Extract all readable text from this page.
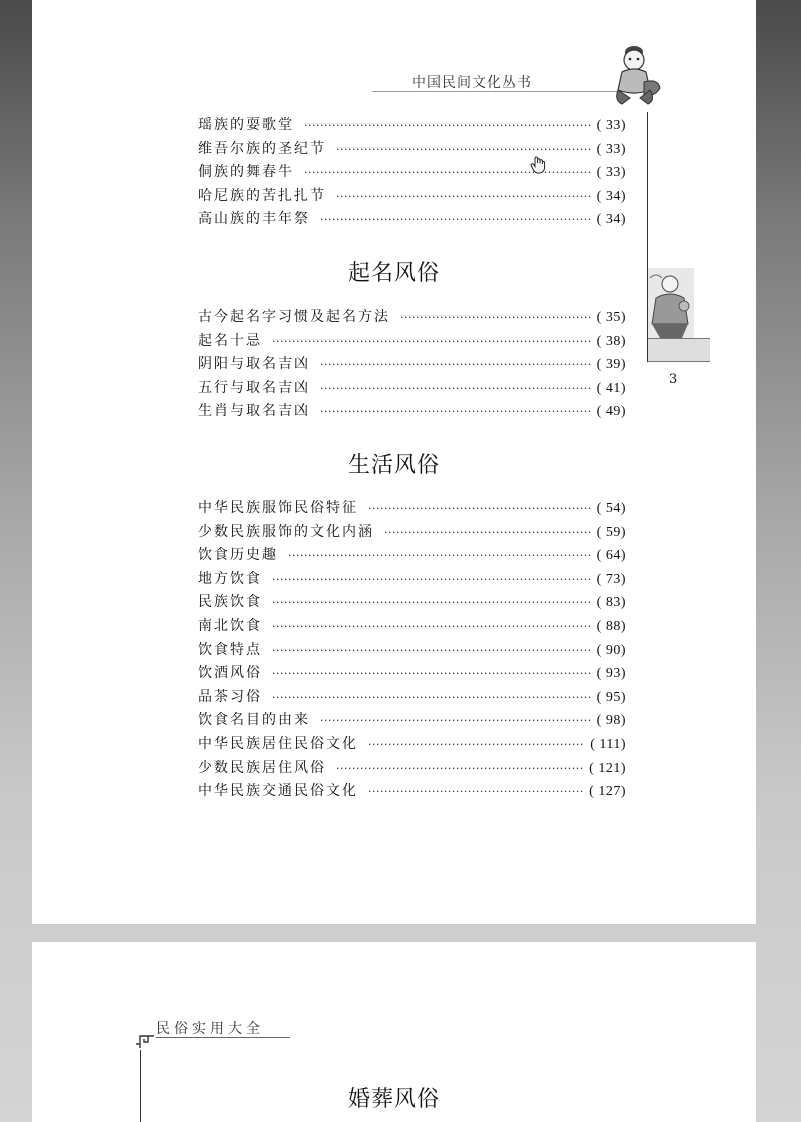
中国民间文化丛书
3
瑶族的耍歌堂 ·····	( 33)
维吾尔族的圣纪节 ·····	( 33)
侗族的舞春牛 ·····	( 33)
哈尼族的苦扎扎节 ·····	( 34)
高山族的丰年祭 ·····	( 34)
起名风俗
古今起名字习惯及起名方法 ·····	( 35)
起名十忌 ·····	( 38)
阴阳与取名吉凶 ·····	( 39)
五行与取名吉凶 ·····	( 41)
生肖与取名吉凶 ·····	( 49)
生活风俗
中华民族服饰民俗特征 ·····	( 54)
少数民族服饰的文化内涵 ·····	( 59)
饮食历史趣 ·····	( 64)
地方饮食 ·····	( 73)
民族饮食 ·····	( 83)
南北饮食 ·····	( 88)
饮食特点 ·····	( 90)
饮酒风俗 ·····	( 93)
品茶习俗 ·····	( 95)
饮食名目的由来 ·····	( 98)
中华民族居住民俗文化 ·····	( 111)
少数民族居住风俗 ·····	( 121)
中华民族交通民俗文化 ·····	( 127)
民俗实用大全
婚葬风俗
